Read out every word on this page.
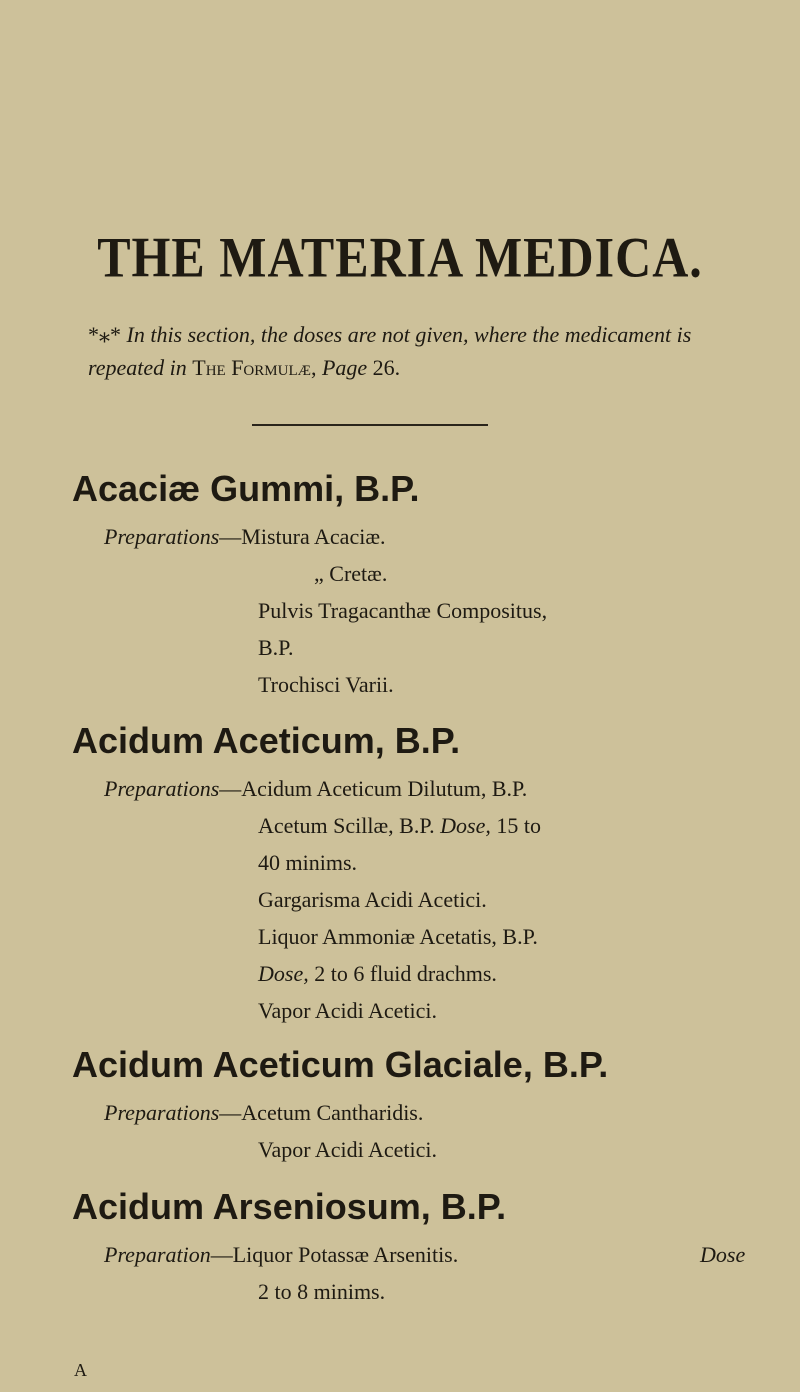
THE MATERIA MEDICA.
*⁎* In this section, the doses are not given, where the medicament is repeated in The Formulæ, Page 26.
Acaciæ Gummi, B.P.
Preparations—Mistura Acaciæ.
„ Cretæ.
Pulvis Tragacanthæ Compositus,
B.P.
Trochisci Varii.
Acidum Aceticum, B.P.
Preparations—Acidum Aceticum Dilutum, B.P.
Acetum Scillæ, B.P. Dose, 15 to
40 minims.
Gargarisma Acidi Acetici.
Liquor Ammoniæ Acetatis, B.P.
Dose, 2 to 6 fluid drachms.
Vapor Acidi Acetici.
Acidum Aceticum Glaciale, B.P.
Preparations—Acetum Cantharidis.
Vapor Acidi Acetici.
Acidum Arseniosum, B.P.
Preparation—Liquor Potassæ Arsenitis.	Dose
2 to 8 minims.
A
